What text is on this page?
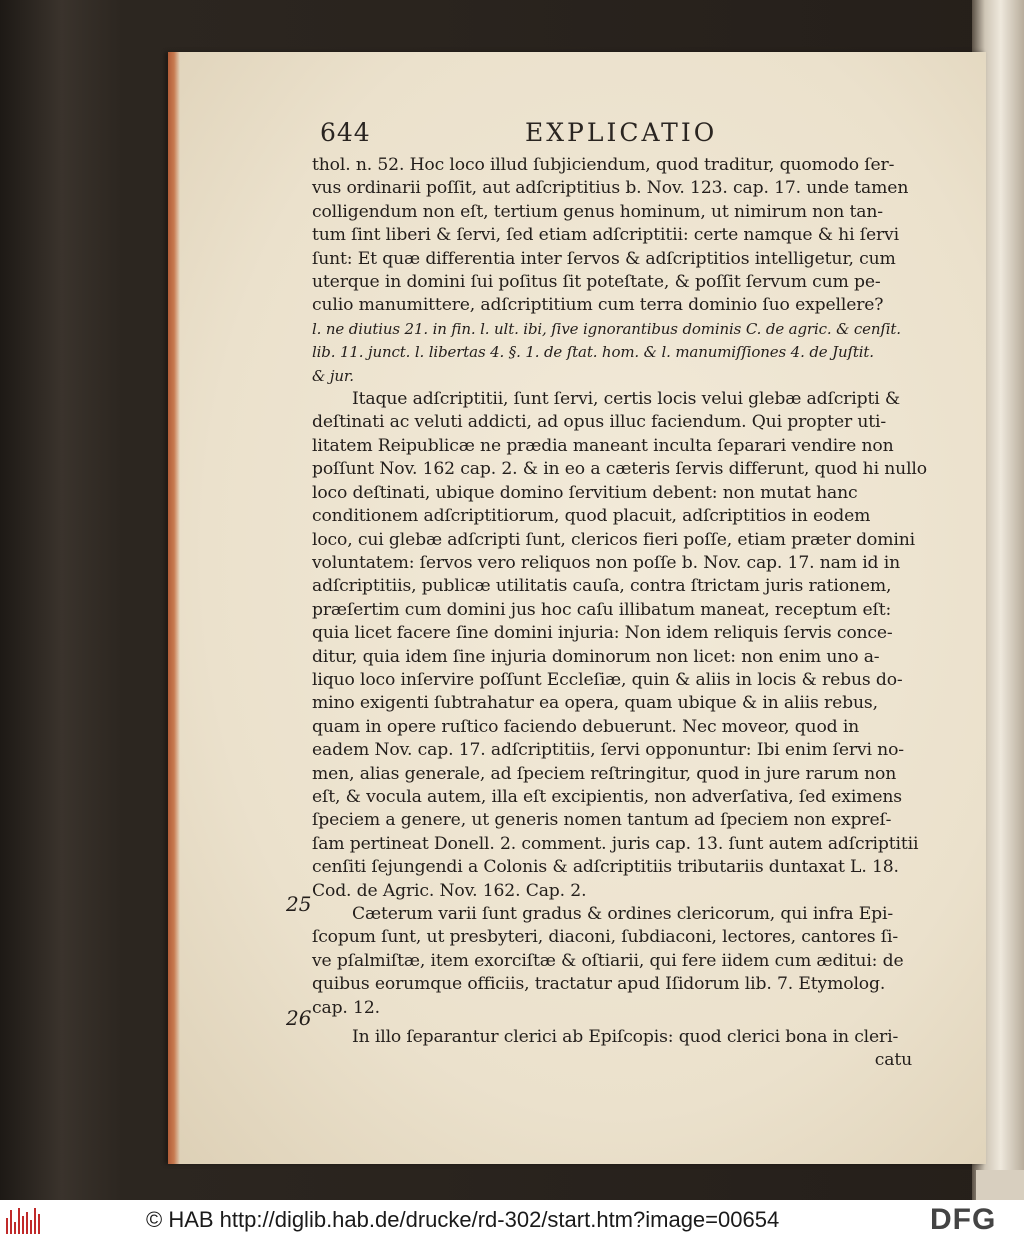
644	EXPLICATIO
thol. n. 52. Hoc loco illud ſubjiciendum, quod traditur, quomodo ſer-
vus ordinarii poſſit, aut adſcriptitius b. Nov. 123. cap. 17. unde tamen
colligendum non eſt, tertium genus hominum, ut nimirum non tan-
tum ſint liberi & ſervi, ſed etiam adſcriptitii: certe namque & hi ſervi
ſunt: Et quæ differentia inter ſervos & adſcriptitios intelligetur, cum
uterque in domini ſui poſitus ſit poteſtate, & poſſit ſervum cum pe-
culio manumittere, adſcriptitium cum terra dominio ſuo expellere?
l. ne diutius 21. in fin. l. ult. ibi, ſive ignorantibus dominis C. de agric. & cenſit.
lib. 11. junct. l. libertas 4. §. 1. de ſtat. hom. & l. manumiſſiones 4. de Juſtit.
& jur.
Itaque adſcriptitii, ſunt ſervi, certis locis velui glebæ adſcripti &
deſtinati ac veluti addicti, ad opus illuc faciendum. Qui propter uti-
litatem Reipublicæ ne prædia maneant inculta ſeparari vendire non
poſſunt Nov. 162 cap. 2. & in eo a cæteris ſervis differunt, quod hi nullo
loco deſtinati, ubique domino ſervitium debent: non mutat hanc
conditionem adſcriptitiorum, quod placuit, adſcriptitios in eodem
loco, cui glebæ adſcripti ſunt, clericos fieri poſſe, etiam præter domini
voluntatem: ſervos vero reliquos non poſſe b. Nov. cap. 17. nam id in
adſcriptitiis, publicæ utilitatis cauſa, contra ſtrictam juris rationem,
præſertim cum domini jus hoc caſu illibatum maneat, receptum eſt:
quia licet facere ſine domini injuria: Non idem reliquis ſervis conce-
ditur, quia idem ſine injuria dominorum non licet: non enim uno a-
liquo loco inſervire poſſunt Eccleſiæ, quin & aliis in locis & rebus do-
mino exigenti ſubtrahatur ea opera, quam ubique & in aliis rebus,
quam in opere ruſtico faciendo debuerunt. Nec moveor, quod in
eadem Nov. cap. 17. adſcriptitiis, ſervi opponuntur: Ibi enim ſervi no-
men, alias generale, ad ſpeciem reſtringitur, quod in jure rarum non
eſt, & vocula autem, illa eſt excipientis, non adverſativa, ſed eximens
ſpeciem a genere, ut generis nomen tantum ad ſpeciem non expreſ-
ſam pertineat Donell. 2. comment. juris cap. 13. ſunt autem adſcriptitii
cenſiti ſejungendi a Colonis & adſcriptitiis tributariis duntaxat L. 18.
Cod. de Agric. Nov. 162. Cap. 2.
Cæterum varii ſunt gradus & ordines clericorum, qui infra Epi-
ſcopum ſunt, ut presbyteri, diaconi, ſubdiaconi, lectores, cantores ſi-
ve pſalmiſtæ, item exorciſtæ & oſtiarii, qui fere iidem cum æditui: de
quibus eorumque officiis, tractatur apud Iſidorum lib. 7. Etymolog.
cap. 12.
In illo ſeparantur clerici ab Epiſcopis: quod clerici bona in cleri-
catu
25
26
© HAB http://diglib.hab.de/drucke/rd-302/start.htm?image=00654	DFG
